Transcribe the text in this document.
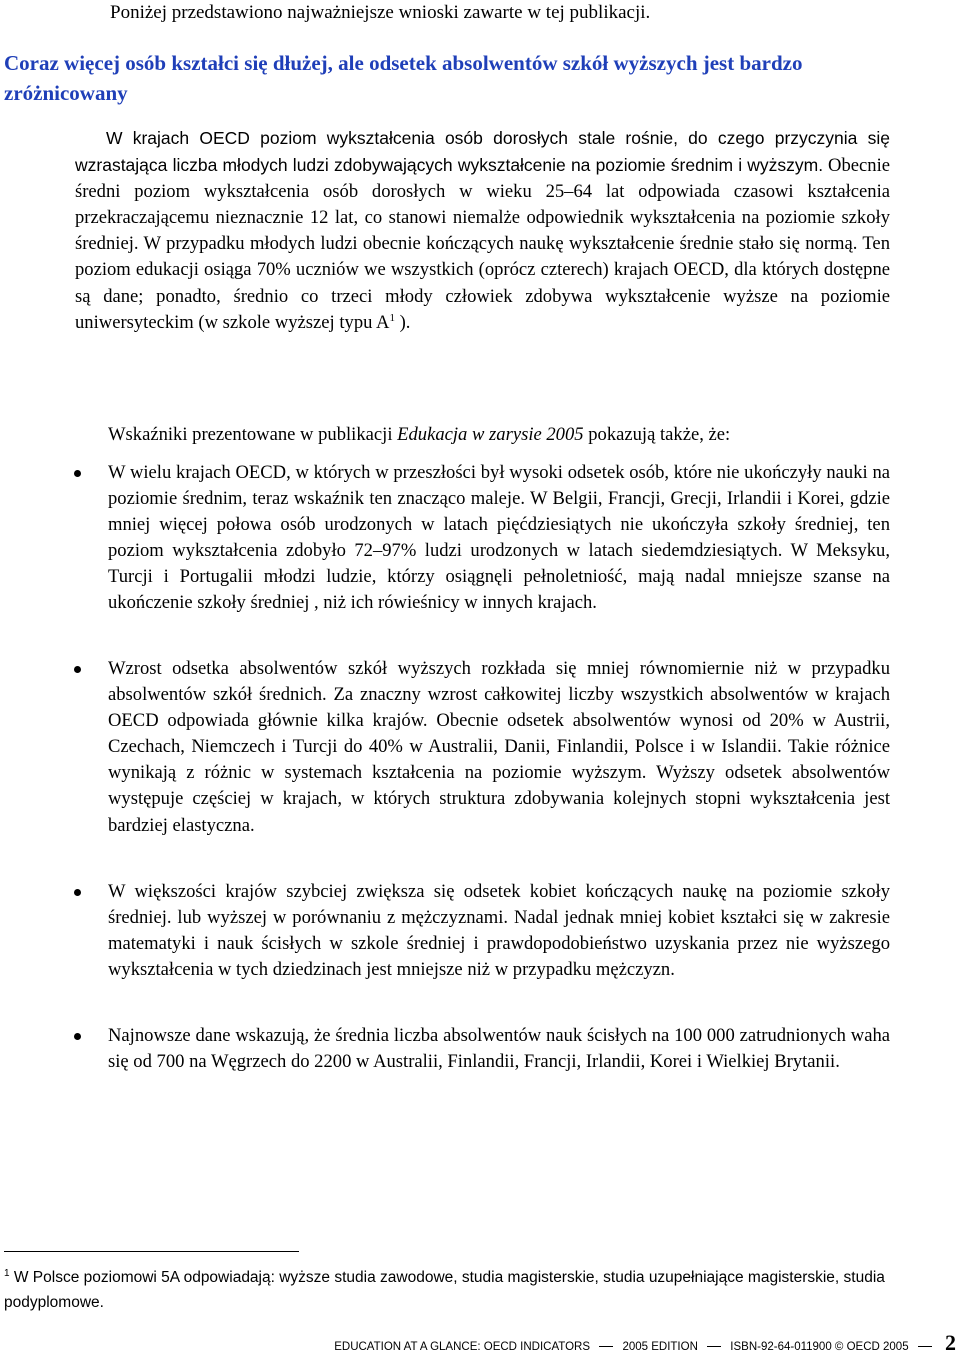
Poniżej przedstawiono najważniejsze wnioski zawarte w tej publikacji.
Coraz więcej osób kształci się dłużej, ale odsetek absolwentów szkół wyższych jest bardzo zróżnicowany
W krajach OECD poziom wykształcenia osób dorosłych stale rośnie, do czego przyczynia się wzrastająca liczba młodych ludzi zdobywających wykształcenie na poziomie średnim i wyższym. Obecnie średni poziom wykształcenia osób dorosłych w wieku 25–64 lat odpowiada czasowi kształcenia przekraczającemu nieznacznie 12 lat, co stanowi niemalże odpowiednik wykształcenia na poziomie szkoły średniej. W przypadku młodych ludzi obecnie kończących naukę wykształcenie średnie stało się normą. Ten poziom edukacji osiąga 70% uczniów we wszystkich (oprócz czterech) krajach OECD, dla których dostępne są dane; ponadto, średnio co trzeci młody człowiek zdobywa wykształcenie wyższe na poziomie uniwersyteckim (w szkole wyższej typu $A^1$ ).
Wskaźniki prezentowane w publikacji Edukacja w zarysie 2005 pokazują także, że:
W wielu krajach OECD, w których w przeszłości był wysoki odsetek osób, które nie ukończyły nauki na poziomie średnim, teraz wskaźnik ten znacząco maleje. W Belgii, Francji, Grecji, Irlandii i Korei, gdzie mniej więcej połowa osób urodzonych w latach pięćdziesiątych nie ukończyła szkoły średniej, ten poziom wykształcenia zdobyło 72–97% ludzi urodzonych w latach siedemdziesiątych. W Meksyku, Turcji i Portugalii młodzi ludzie, którzy osiągnęli pełnoletniość, mają nadal mniejsze szanse na ukończenie szkoły średniej , niż ich rówieśnicy w innych krajach.
Wzrost odsetka absolwentów szkół wyższych rozkłada się mniej równomiernie niż w przypadku absolwentów szkół średnich. Za znaczny wzrost całkowitej liczby wszystkich absolwentów w krajach OECD odpowiada głównie kilka krajów. Obecnie odsetek absolwentów wynosi od 20% w Austrii, Czechach, Niemczech i Turcji do 40% w Australii, Danii, Finlandii, Polsce i w Islandii. Takie różnice wynikają z różnic w systemach kształcenia na poziomie wyższym. Wyższy odsetek absolwentów występuje częściej w krajach, w których struktura zdobywania kolejnych stopni wykształcenia jest bardziej elastyczna.
W większości krajów szybciej zwiększa się odsetek kobiet kończących naukę na poziomie szkoły średniej. lub wyższej w porównaniu z mężczyznami. Nadal jednak mniej kobiet kształci się w zakresie matematyki i nauk ścisłych w szkole średniej i prawdopodobieństwo uzyskania przez nie wyższego wykształcenia w tych dziedzinach jest mniejsze niż w przypadku mężczyzn.
Najnowsze dane wskazują, że średnia liczba absolwentów nauk ścisłych na 100 000 zatrudnionych waha się od 700 na Węgrzech do 2200 w Australii, Finlandii, Francji, Irlandii, Korei i Wielkiej Brytanii.
$^1$ W Polsce poziomowi 5A odpowiadają: wyższe studia zawodowe, studia magisterskie, studia uzupełniające magisterskie, studia podyplomowe.
EDUCATION AT A GLANCE: OECD INDICATORS	2005 EDITION	ISBN-92-64-011900 © OECD 2005 2
